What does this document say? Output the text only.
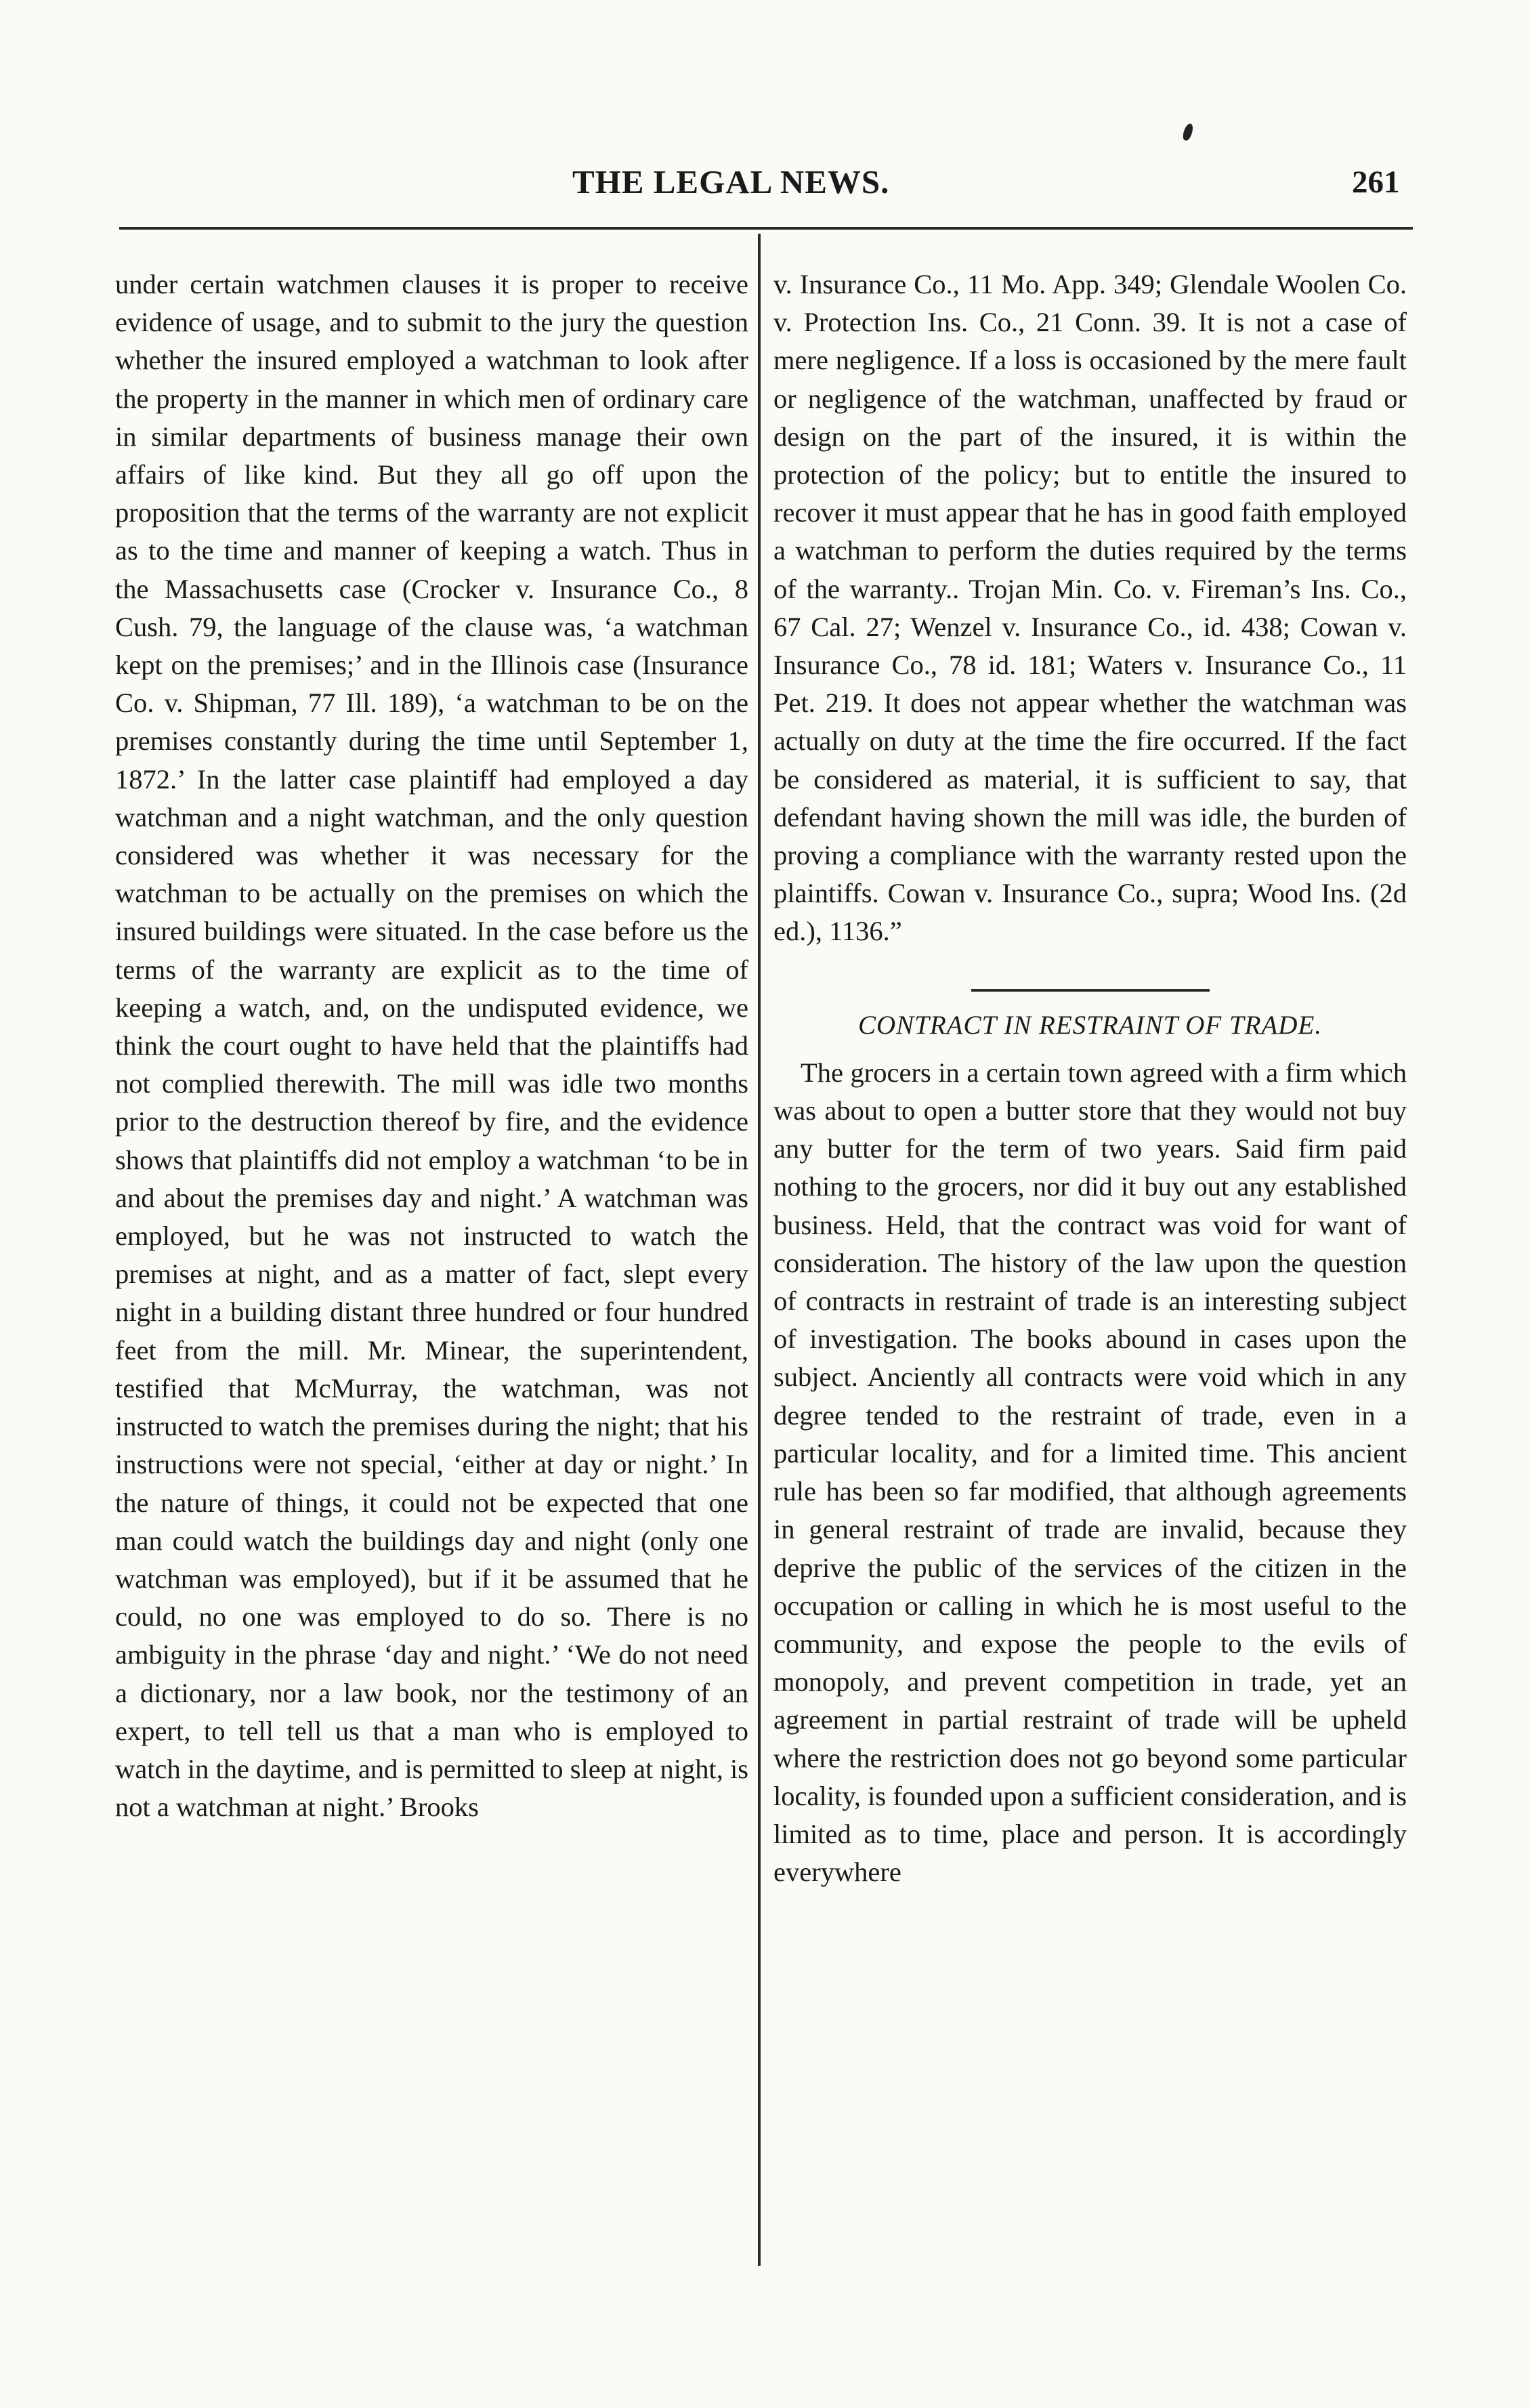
THE LEGAL NEWS.	261

under certain watchmen clauses it is proper to receive evidence of usage, and to submit to the jury the question whether the insured employed a watchman to look after the property in the manner in which men of ordinary care in similar departments of business manage their own affairs of like kind. But they all go off upon the proposition that the terms of the warranty are not explicit as to the time and manner of keeping a watch. Thus in the Massachusetts case (Crocker v. Insurance Co., 8 Cush. 79, the language of the clause was, ‘a watchman kept on the premises;’ and in the Illinois case (Insurance Co. v. Shipman, 77 Ill. 189), ‘a watchman to be on the premises constantly during the time until September 1, 1872.’ In the latter case plaintiff had employed a day watchman and a night watchman, and the only question considered was whether it was necessary for the watchman to be actually on the premises on which the insured buildings were situated. In the case before us the terms of the warranty are explicit as to the time of keeping a watch, and, on the undisputed evidence, we think the court ought to have held that the plaintiffs had not complied therewith. The mill was idle two months prior to the destruction thereof by fire, and the evidence shows that plaintiffs did not employ a watchman ‘to be in and about the premises day and night.’ A watchman was employed, but he was not instructed to watch the premises at night, and as a matter of fact, slept every night in a building distant three hundred or four hundred feet from the mill. Mr. Minear, the superintendent, testified that McMurray, the watchman, was not instructed to watch the premises during the night; that his instructions were not special, ‘either at day or night.’ In the nature of things, it could not be expected that one man could watch the buildings day and night (only one watchman was employed), but if it be assumed that he could, no one was employed to do so. There is no ambiguity in the phrase ‘day and night.’ ‘We do not need a dictionary, nor a law book, nor the testimony of an expert, to tell tell us that a man who is employed to watch in the daytime, and is permitted to sleep at night, is not a watchman at night.’ Brooks

v. Insurance Co., 11 Mo. App. 349; Glendale Woolen Co. v. Protection Ins. Co., 21 Conn. 39. It is not a case of mere negligence. If a loss is occasioned by the mere fault or negligence of the watchman, unaffected by fraud or design on the part of the insured, it is within the protection of the policy; but to entitle the insured to recover it must appear that he has in good faith employed a watchman to perform the duties required by the terms of the warranty.. Trojan Min. Co. v. Fireman’s Ins. Co., 67 Cal. 27; Wenzel v. Insurance Co., id. 438; Cowan v. Insurance Co., 78 id. 181; Waters v. Insurance Co., 11 Pet. 219. It does not appear whether the watchman was actually on duty at the time the fire occurred. If the fact be considered as material, it is sufficient to say, that defendant having shown the mill was idle, the burden of proving a compliance with the warranty rested upon the plaintiffs. Cowan v. Insurance Co., supra; Wood Ins. (2d ed.), 1136.”

CONTRACT IN RESTRAINT OF TRADE.

The grocers in a certain town agreed with a firm which was about to open a butter store that they would not buy any butter for the term of two years. Said firm paid nothing to the grocers, nor did it buy out any established business. Held, that the contract was void for want of consideration. The history of the law upon the question of contracts in restraint of trade is an interesting subject of investigation. The books abound in cases upon the subject. Anciently all contracts were void which in any degree tended to the restraint of trade, even in a particular locality, and for a limited time. This ancient rule has been so far modified, that although agreements in general restraint of trade are invalid, because they deprive the public of the services of the citizen in the occupation or calling in which he is most useful to the community, and expose the people to the evils of monopoly, and prevent competition in trade, yet an agreement in partial restraint of trade will be upheld where the restriction does not go beyond some particular locality, is founded upon a sufficient consideration, and is limited as to time, place and person. It is accordingly everywhere
